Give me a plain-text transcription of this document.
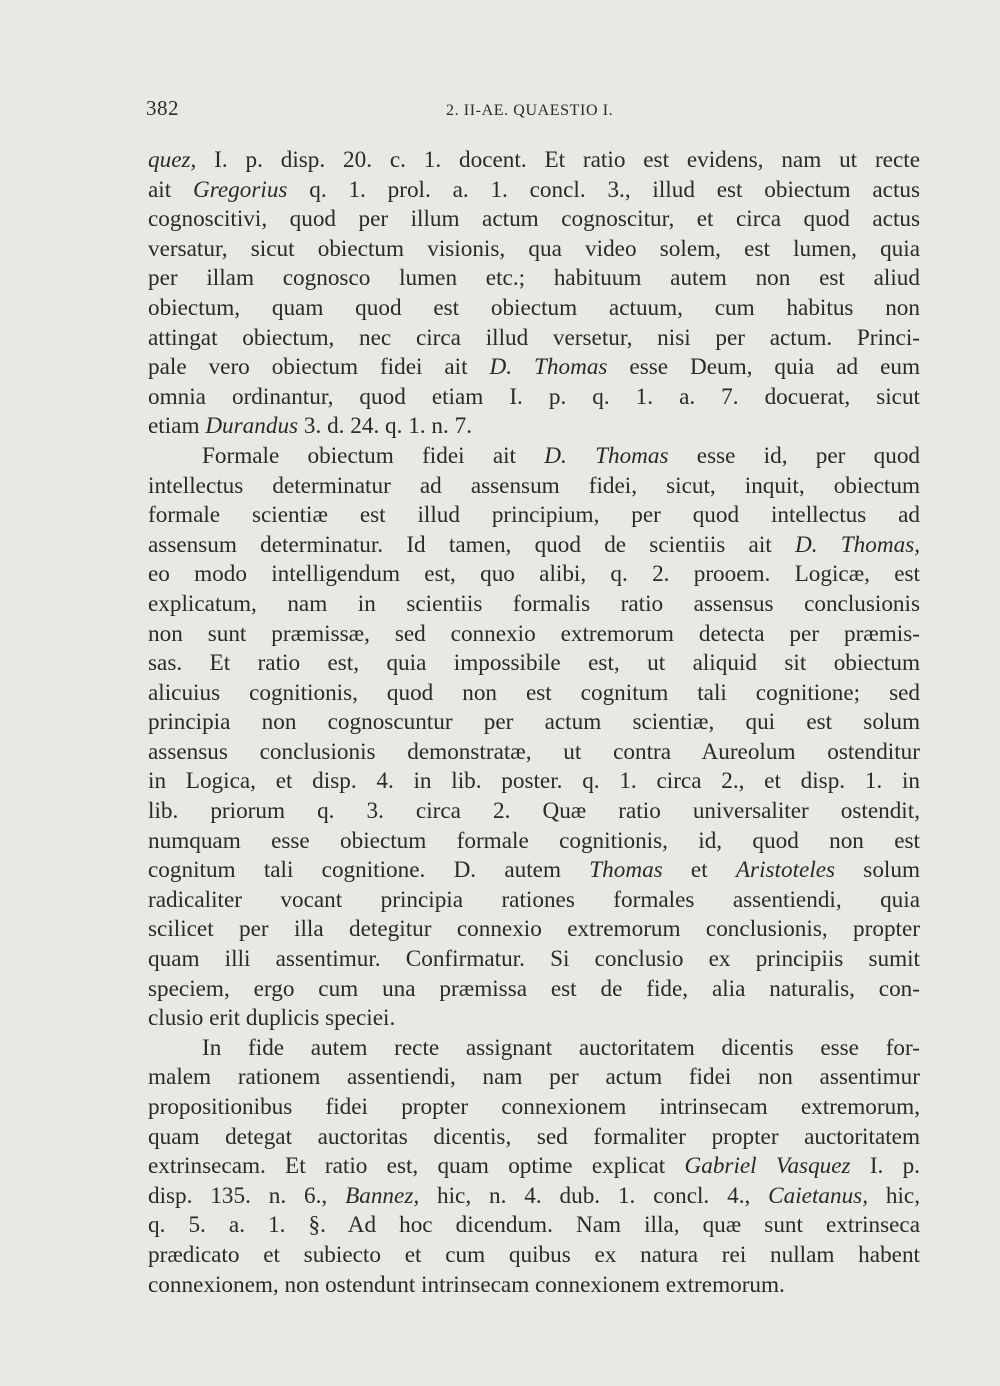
382	2. II-AE. QUAESTIO I.
quez, I. p. disp. 20. c. 1. docent. Et ratio est evidens, nam ut recte
ait Gregorius q. 1. prol. a. 1. concl. 3., illud est obiectum actus
cognoscitivi, quod per illum actum cognoscitur, et circa quod actus
versatur, sicut obiectum visionis, qua video solem, est lumen, quia
per illam cognosco lumen etc.; habituum autem non est aliud
obiectum, quam quod est obiectum actuum, cum habitus non
attingat obiectum, nec circa illud versetur, nisi per actum. Princi-
pale vero obiectum fidei ait D. Thomas esse Deum, quia ad eum
omnia ordinantur, quod etiam I. p. q. 1. a. 7. docuerat, sicut
etiam Durandus 3. d. 24. q. 1. n. 7.
Formale obiectum fidei ait D. Thomas esse id, per quod
intellectus determinatur ad assensum fidei, sicut, inquit, obiectum
formale scientiæ est illud principium, per quod intellectus ad
assensum determinatur. Id tamen, quod de scientiis ait D. Thomas,
eo modo intelligendum est, quo alibi, q. 2. prooem. Logicæ, est
explicatum, nam in scientiis formalis ratio assensus conclusionis
non sunt præmissæ, sed connexio extremorum detecta per præmis-
sas. Et ratio est, quia impossibile est, ut aliquid sit obiectum
alicuius cognitionis, quod non est cognitum tali cognitione; sed
principia non cognoscuntur per actum scientiæ, qui est solum
assensus conclusionis demonstratæ, ut contra Aureolum ostenditur
in Logica, et disp. 4. in lib. poster. q. 1. circa 2., et disp. 1. in
lib. priorum q. 3. circa 2. Quæ ratio universaliter ostendit,
numquam esse obiectum formale cognitionis, id, quod non est
cognitum tali cognitione. D. autem Thomas et Aristoteles solum
radicaliter vocant principia rationes formales assentiendi, quia
scilicet per illa detegitur connexio extremorum conclusionis, propter
quam illi assentimur. Confirmatur. Si conclusio ex principiis sumit
speciem, ergo cum una præmissa est de fide, alia naturalis, con-
clusio erit duplicis speciei.
In fide autem recte assignant auctoritatem dicentis esse for-
malem rationem assentiendi, nam per actum fidei non assentimur
propositionibus fidei propter connexionem intrinsecam extremorum,
quam detegat auctoritas dicentis, sed formaliter propter auctoritatem
extrinsecam. Et ratio est, quam optime explicat Gabriel Vasquez I. p.
disp. 135. n. 6., Bannez, hic, n. 4. dub. 1. concl. 4., Caietanus, hic,
q. 5. a. 1. §. Ad hoc dicendum. Nam illa, quæ sunt extrinseca
prædicato et subiecto et cum quibus ex natura rei nullam habent
connexionem, non ostendunt intrinsecam connexionem extremorum.
